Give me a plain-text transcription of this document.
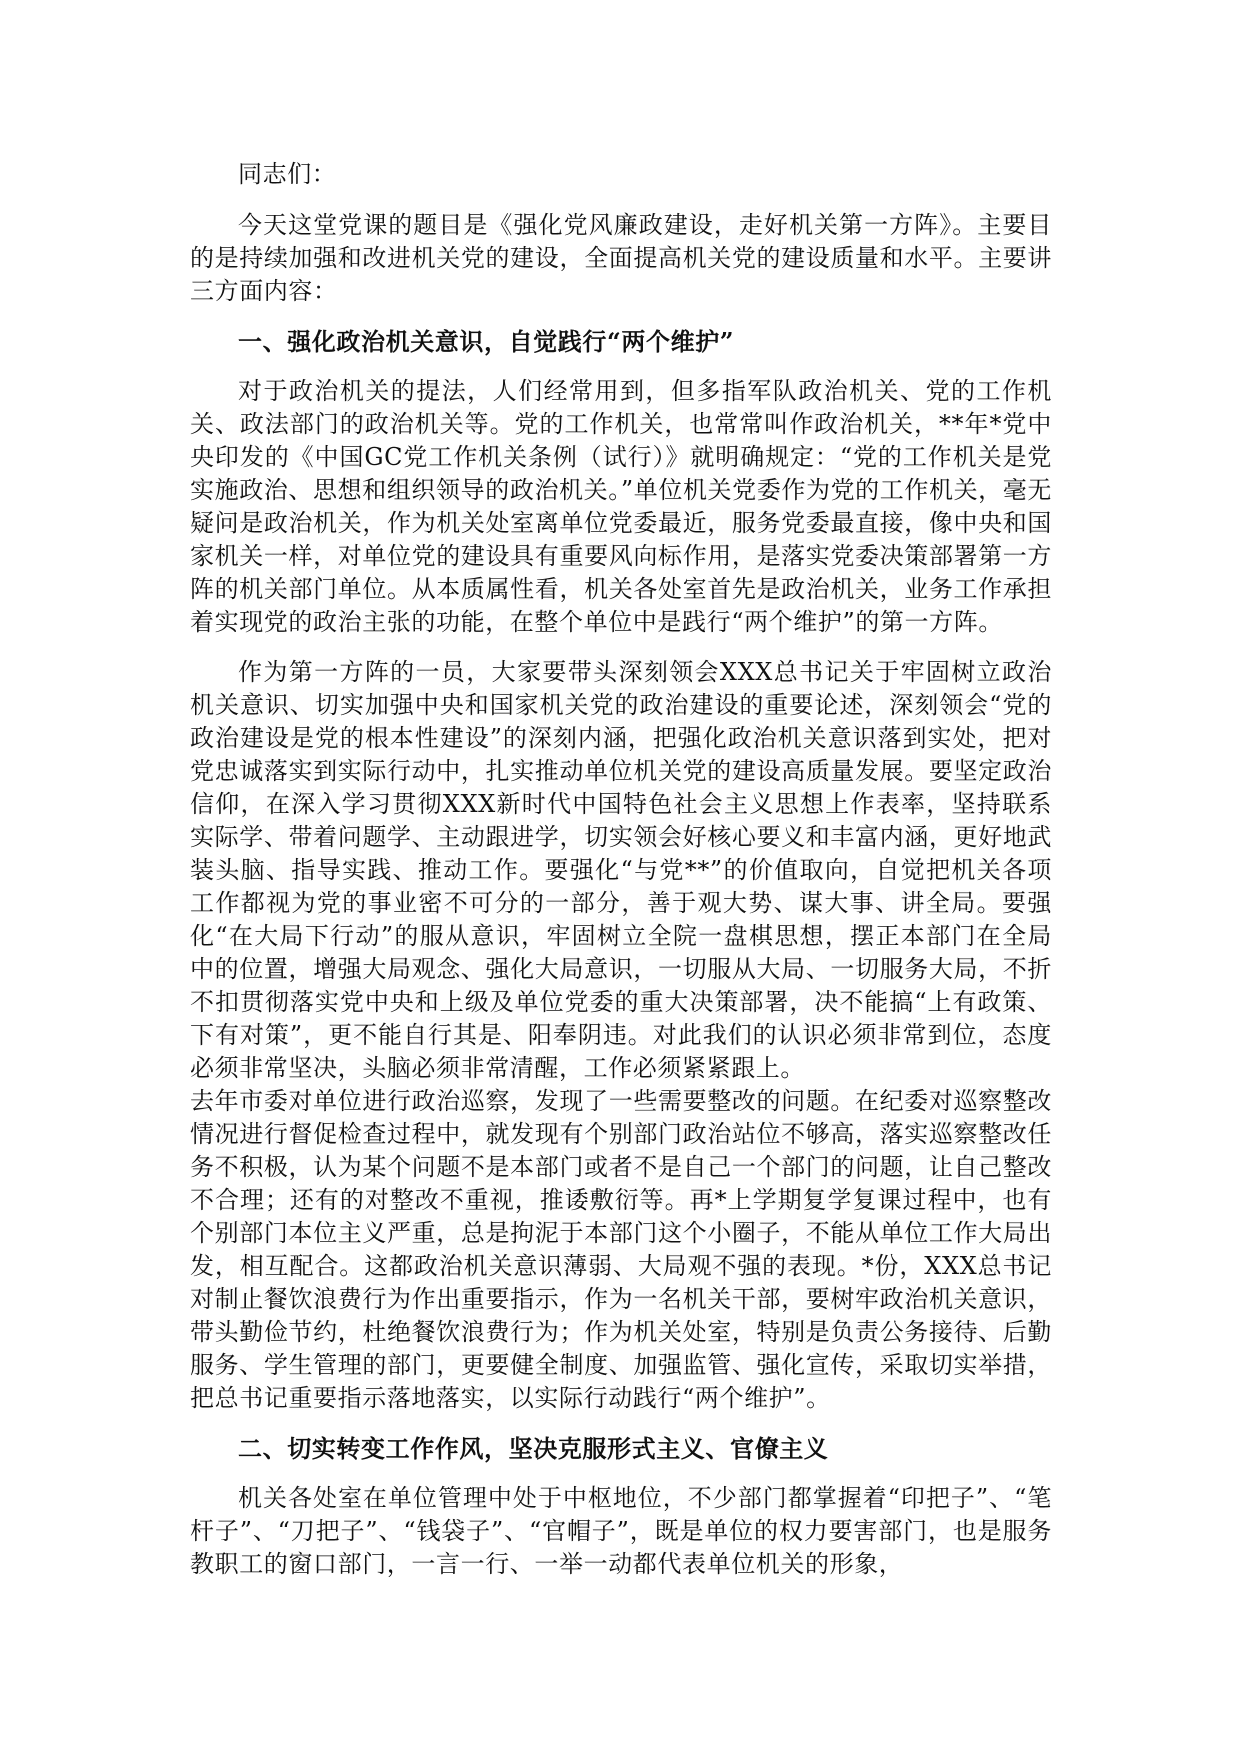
同志们：

今天这堂党课的题目是《强化党风廉政建设，走好机关第一方阵》。主要目的是持续加强和改进机关党的建设，全面提高机关党的建设质量和水平。主要讲三方面内容：

一、强化政治机关意识，自觉践行“两个维护”

对于政治机关的提法，人们经常用到，但多指军队政治机关、党的工作机关、政法部门的政治机关等。党的工作机关，也常常叫作政治机关，**年*党中央印发的《中国GC党工作机关条例（试行）》就明确规定：“党的工作机关是党实施政治、思想和组织领导的政治机关。”单位机关党委作为党的工作机关，毫无疑问是政治机关，作为机关处室离单位党委最近，服务党委最直接，像中央和国家机关一样，对单位党的建设具有重要风向标作用，是落实党委决策部署第一方阵的机关部门单位。从本质属性看，机关各处室首先是政治机关，业务工作承担着实现党的政治主张的功能，在整个单位中是践行“两个维护”的第一方阵。

作为第一方阵的一员，大家要带头深刻领会XXX总书记关于牢固树立政治机关意识、切实加强中央和国家机关党的政治建设的重要论述，深刻领会“党的政治建设是党的根本性建设”的深刻内涵，把强化政治机关意识落到实处，把对党忠诚落实到实际行动中，扎实推动单位机关党的建设高质量发展。要坚定政治信仰，在深入学习贯彻XXX新时代中国特色社会主义思想上作表率，坚持联系实际学、带着问题学、主动跟进学，切实领会好核心要义和丰富内涵，更好地武装头脑、指导实践、推动工作。要强化“与党**”的价值取向，自觉把机关各项工作都视为党的事业密不可分的一部分，善于观大势、谋大事、讲全局。要强化“在大局下行动”的服从意识，牢固树立全院一盘棋思想，摆正本部门在全局中的位置，增强大局观念、强化大局意识，一切服从大局、一切服务大局，不折不扣贯彻落实党中央和上级及单位党委的重大决策部署，决不能搞“上有政策、下有对策”，更不能自行其是、阳奉阴违。对此我们的认识必须非常到位，态度必须非常坚决，头脑必须非常清醒，工作必须紧紧跟上。

去年市委对单位进行政治巡察，发现了一些需要整改的问题。在纪委对巡察整改情况进行督促检查过程中，就发现有个别部门政治站位不够高，落实巡察整改任务不积极，认为某个问题不是本部门或者不是自己一个部门的问题，让自己整改不合理；还有的对整改不重视，推诿敷衍等。再*上学期复学复课过程中，也有个别部门本位主义严重，总是拘泥于本部门这个小圈子，不能从单位工作大局出发，相互配合。这都政治机关意识薄弱、大局观不强的表现。*份，XXX总书记对制止餐饮浪费行为作出重要指示，作为一名机关干部，要树牢政治机关意识，带头勤俭节约，杜绝餐饮浪费行为；作为机关处室，特别是负责公务接待、后勤服务、学生管理的部门，更要健全制度、加强监管、强化宣传，采取切实举措，把总书记重要指示落地落实，以实际行动践行“两个维护”。

二、切实转变工作作风，坚决克服形式主义、官僚主义

机关各处室在单位管理中处于中枢地位，不少部门都掌握着“印把子”、“笔杆子”、“刀把子”、“钱袋子”、“官帽子”，既是单位的权力要害部门，也是服务教职工的窗口部门，一言一行、一举一动都代表单位机关的形象，
